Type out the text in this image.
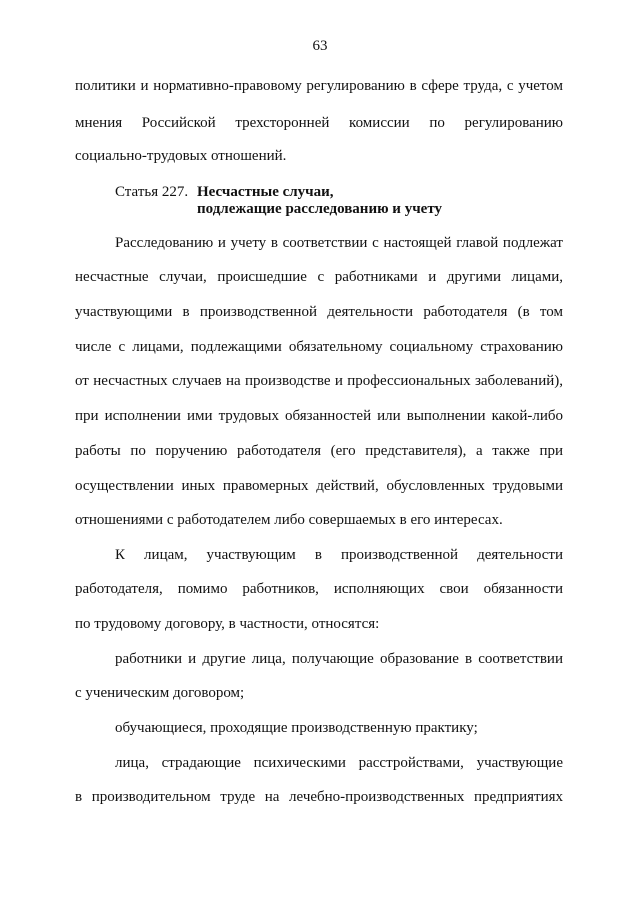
63
политики и нормативно-правовому регулированию в сфере труда, с учетом
мнения Российской трехсторонней комиссии по регулированию
социально-трудовых отношений.
Статья 227. Несчастные случаи,
подлежащие расследованию и учету
Расследованию и учету в соответствии с настоящей главой подлежат
несчастные случаи, происшедшие с работниками и другими лицами,
участвующими в производственной деятельности работодателя (в том
числе с лицами, подлежащими обязательному социальному страхованию
от несчастных случаев на производстве и профессиональных заболеваний),
при исполнении ими трудовых обязанностей или выполнении какой-либо
работы по поручению работодателя (его представителя), а также при
осуществлении иных правомерных действий, обусловленных трудовыми
отношениями с работодателем либо совершаемых в его интересах.
К лицам, участвующим в производственной деятельности
работодателя, помимо работников, исполняющих свои обязанности
по трудовому договору, в частности, относятся:
работники и другие лица, получающие образование в соответствии
с ученическим договором;
обучающиеся, проходящие производственную практику;
лица, страдающие психическими расстройствами, участвующие
в производительном труде на лечебно-производственных предприятиях
